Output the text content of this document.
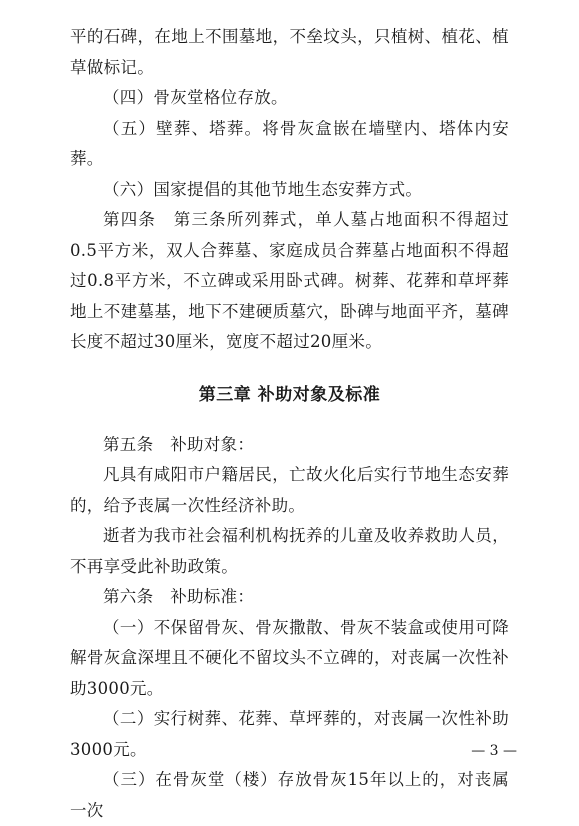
平的石碑，在地上不围墓地，不垒坟头，只植树、植花、植草做标记。

（四）骨灰堂格位存放。

（五）壁葬、塔葬。将骨灰盒嵌在墙壁内、塔体内安葬。

（六）国家提倡的其他节地生态安葬方式。

第四条　第三条所列葬式，单人墓占地面积不得超过0.5平方米，双人合葬墓、家庭成员合葬墓占地面积不得超过0.8平方米，不立碑或采用卧式碑。树葬、花葬和草坪葬地上不建墓基，地下不建硬质墓穴，卧碑与地面平齐，墓碑长度不超过30厘米，宽度不超过20厘米。

第三章 补助对象及标准

第五条　补助对象：

凡具有咸阳市户籍居民，亡故火化后实行节地生态安葬的，给予丧属一次性经济补助。

逝者为我市社会福利机构抚养的儿童及收养救助人员，不再享受此补助政策。

第六条　补助标准：

（一）不保留骨灰、骨灰撒散、骨灰不装盒或使用可降解骨灰盒深埋且不硬化不留坟头不立碑的，对丧属一次性补助3000元。

（二）实行树葬、花葬、草坪葬的，对丧属一次性补助3000元。

（三）在骨灰堂（楼）存放骨灰15年以上的，对丧属一次

— 3 —
